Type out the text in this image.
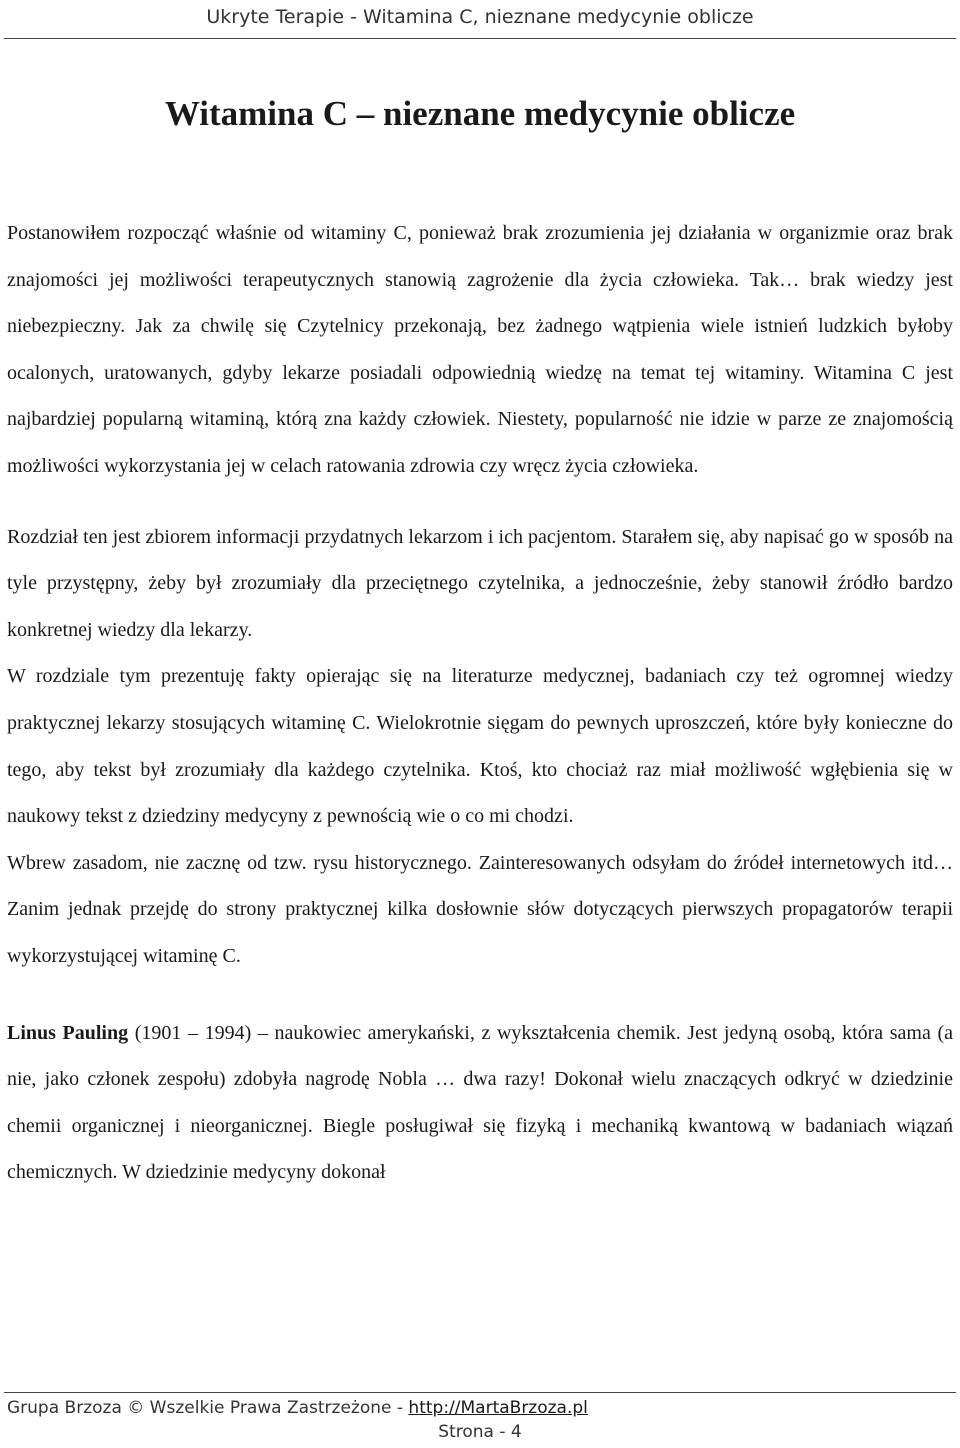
Ukryte Terapie - Witamina C, nieznane medycynie oblicze
Witamina C – nieznane medycynie oblicze

Postanowiłem rozpocząć właśnie od witaminy C, ponieważ brak zrozumienia jej działania w organizmie oraz brak znajomości jej możliwości terapeutycznych stanowią zagrożenie dla życia człowieka. Tak… brak wiedzy jest niebezpieczny. Jak za chwilę się Czytelnicy przekonają, bez żadnego wątpienia wiele istnień ludzkich byłoby ocalonych, uratowanych, gdyby lekarze posiadali odpowiednią wiedzę na temat tej witaminy. Witamina C jest najbardziej popularną witaminą, którą zna każdy człowiek. Niestety, popularność nie idzie w parze ze znajomością możliwości wykorzystania jej w celach ratowania zdrowia czy wręcz życia człowieka.

Rozdział ten jest zbiorem informacji przydatnych lekarzom i ich pacjentom. Starałem się, aby napisać go w sposób na tyle przystępny, żeby był zrozumiały dla przeciętnego czytelnika, a jednocześnie, żeby stanowił źródło bardzo konkretnej wiedzy dla lekarzy.

W rozdziale tym prezentuję fakty opierając się na literaturze medycznej, badaniach czy też ogromnej wiedzy praktycznej lekarzy stosujących witaminę C. Wielokrotnie sięgam do pewnych uproszczeń, które były konieczne do tego, aby tekst był zrozumiały dla każdego czytelnika. Ktoś, kto chociaż raz miał możliwość wgłębienia się w naukowy tekst z dziedziny medycyny z pewnością wie o co mi chodzi.

Wbrew zasadom, nie zacznę od tzw. rysu historycznego. Zainteresowanych odsyłam do źródeł internetowych itd… Zanim jednak przejdę do strony praktycznej kilka dosłownie słów dotyczących pierwszych propagatorów terapii wykorzystującej witaminę C.

Linus Pauling (1901 – 1994) – naukowiec amerykański, z wykształcenia chemik. Jest jedyną osobą, która sama (a nie, jako członek zespołu) zdobyła nagrodę Nobla … dwa razy! Dokonał wielu znaczących odkryć w dziedzinie chemii organicznej i nieorganicznej. Biegle posługiwał się fizyką i mechaniką kwantową w badaniach wiązań chemicznych. W dziedzinie medycyny dokonał

Grupa Brzoza © Wszelkie Prawa Zastrzeżone - http://MartaBrzoza.pl
Strona - 4
